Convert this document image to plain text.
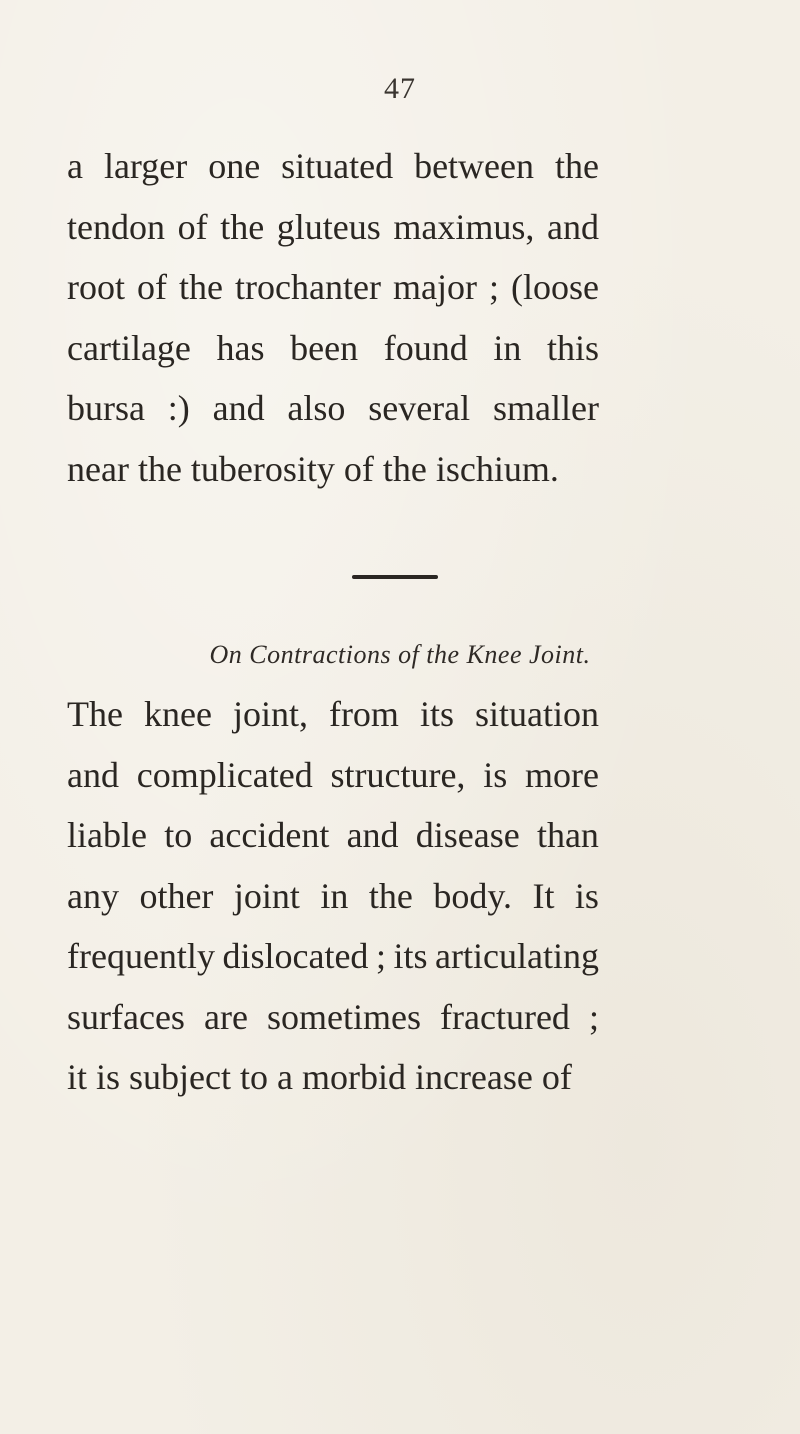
47
a larger one situated between the
tendon of the gluteus maximus, and
root of the trochanter major ; (loose
cartilage has been found in this
bursa :) and also several smaller
near the tuberosity of the ischium.
On Contractions of the Knee Joint.
The knee joint, from its situation
and complicated structure, is more
liable to accident and disease than
any other joint in the body. It is
frequently dislocated ; its articulating
surfaces are sometimes fractured ;
it is subject to a morbid increase of
